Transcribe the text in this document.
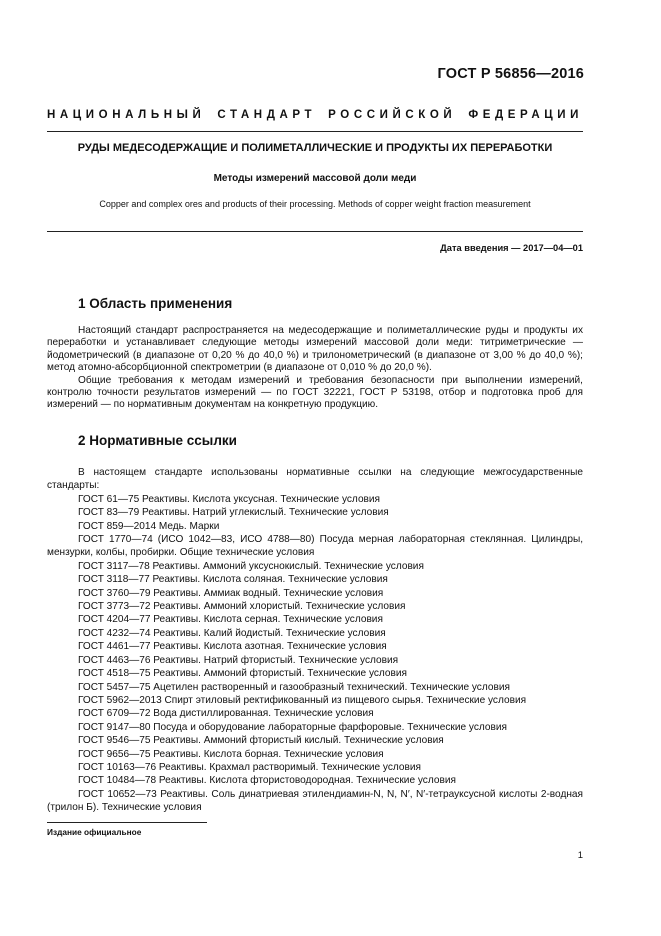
ГОСТ Р 56856—2016
НАЦИОНАЛЬНЫЙ СТАНДАРТ РОССИЙСКОЙ ФЕДЕРАЦИИ
РУДЫ МЕДЕСОДЕРЖАЩИЕ И ПОЛИМЕТАЛЛИЧЕСКИЕ И ПРОДУКТЫ ИХ ПЕРЕРАБОТКИ
Методы измерений массовой доли меди
Copper and complex ores and products of their processing. Methods of copper weight fraction measurement
Дата введения — 2017—04—01
1 Область применения

Настоящий стандарт распространяется на медесодержащие и полиметаллические руды и продукты их переработки и устанавливает следующие методы измерений массовой доли меди: титриметрические — йодометрический (в диапазоне от 0,20 % до 40,0 %) и трилонометрический (в диапазоне от 3,00 % до 40,0 %); метод атомно-абсорбционной спектрометрии (в диапазоне от 0,010 % до 20,0 %).

Общие требования к методам измерений и требования безопасности при выполнении измерений, контролю точности результатов измерений — по ГОСТ 32221, ГОСТ Р 53198, отбор и подготовка проб для измерений — по нормативным документам на конкретную продукцию.

2 Нормативные ссылки
В настоящем стандарте использованы нормативные ссылки на следующие межгосударственные стандарты:
ГОСТ 61—75 Реактивы. Кислота уксусная. Технические условия
ГОСТ 83—79 Реактивы. Натрий углекислый. Технические условия
ГОСТ 859—2014 Медь. Марки
ГОСТ 1770—74 (ИСО 1042—83, ИСО 4788—80) Посуда мерная лабораторная стеклянная. Цилиндры, мензурки, колбы, пробирки. Общие технические условия
ГОСТ 3117—78 Реактивы. Аммоний уксуснокислый. Технические условия
ГОСТ 3118—77 Реактивы. Кислота соляная. Технические условия
ГОСТ 3760—79 Реактивы. Аммиак водный. Технические условия
ГОСТ 3773—72 Реактивы. Аммоний хлористый. Технические условия
ГОСТ 4204—77 Реактивы. Кислота серная. Технические условия
ГОСТ 4232—74 Реактивы. Калий йодистый. Технические условия
ГОСТ 4461—77 Реактивы. Кислота азотная. Технические условия
ГОСТ 4463—76 Реактивы. Натрий фтористый. Технические условия
ГОСТ 4518—75 Реактивы. Аммоний фтористый. Технические условия
ГОСТ 5457—75 Ацетилен растворенный и газообразный технический. Технические условия
ГОСТ 5962—2013 Спирт этиловый ректификованный из пищевого сырья. Технические условия
ГОСТ 6709—72 Вода дистиллированная. Технические условия
ГОСТ 9147—80 Посуда и оборудование лабораторные фарфоровые. Технические условия
ГОСТ 9546—75 Реактивы. Аммоний фтористый кислый. Технические условия
ГОСТ 9656—75 Реактивы. Кислота борная. Технические условия
ГОСТ 10163—76 Реактивы. Крахмал растворимый. Технические условия
ГОСТ 10484—78 Реактивы. Кислота фтористоводородная. Технические условия
ГОСТ 10652—73 Реактивы. Соль динатриевая этилендиамин-N, N, N′, N′-тетрауксусной кислоты 2-водная (трилон Б). Технические условия
Издание официальное
1
